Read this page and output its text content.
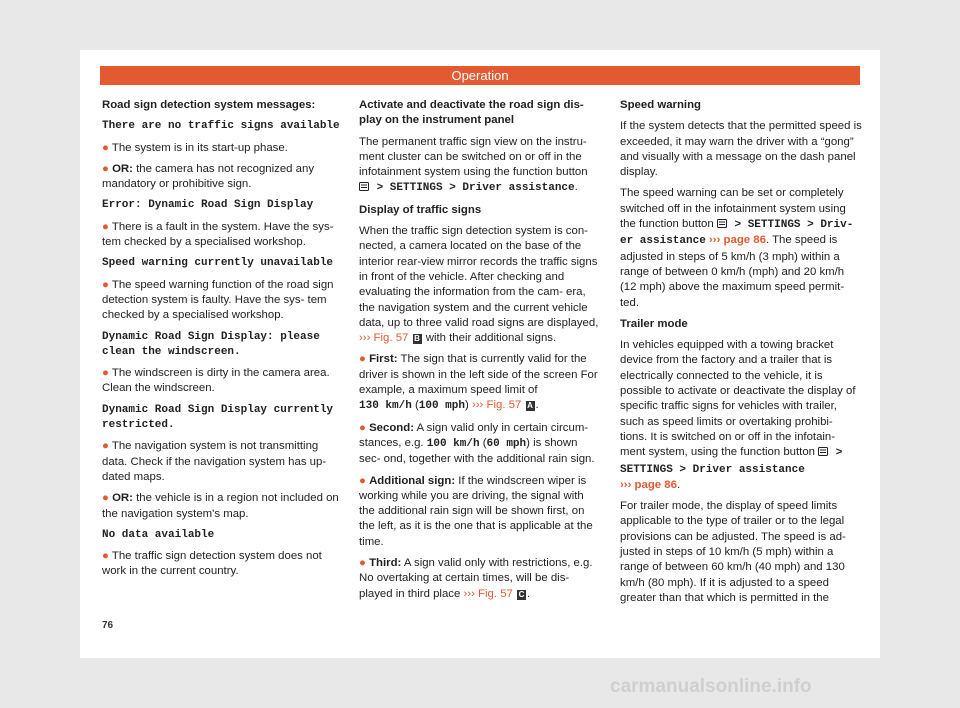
Operation

Road sign detection system messages:

There are no traffic signs available

● The system is in its start-up phase.

● OR: the camera has not recognized any mandatory or prohibitive sign.

Error: Dynamic Road Sign Display

● There is a fault in the system. Have the sys- tem checked by a specialised workshop.

Speed warning currently unavailable

● The speed warning function of the road sign detection system is faulty. Have the sys- tem checked by a specialised workshop.

Dynamic Road Sign Display: please clean the windscreen.

● The windscreen is dirty in the camera area. Clean the windscreen.

Dynamic Road Sign Display currently restricted.

● The navigation system is not transmitting data. Check if the navigation system has up- dated maps.

● OR: the vehicle is in a region not included on the navigation system's map.

No data available

● The traffic sign detection system does not work in the current country.

Activate and deactivate the road sign dis- play on the instrument panel

The permanent traffic sign view on the instru- ment cluster can be switched on or off in the infotainment system using the function button  > SETTINGS > Driver assistance.

Display of traffic signs

When the traffic sign detection system is con- nected, a camera located on the base of the interior rear-view mirror records the traffic signs in front of the vehicle. After checking and evaluating the information from the cam- era, the navigation system and the current vehicle data, up to three valid road signs are displayed, ››› Fig. 57 B with their additional signs.

● First: The sign that is currently valid for the driver is shown in the left side of the screen For example, a maximum speed limit of
130 km/h (100 mph) ››› Fig. 57 A .

● Second: A sign valid only in certain circum- stances, e.g. 100 km/h (60 mph) is shown sec- ond, together with the additional rain sign.

● Additional sign: If the windscreen wiper is working while you are driving, the signal with the additional rain sign will be shown first, on the left, as it is the one that is applicable at the time.

● Third: A sign valid only with restrictions, e.g. No overtaking at certain times, will be dis- played in third place ››› Fig. 57 C .

Speed warning

If the system detects that the permitted speed is exceeded, it may warn the driver with a “gong” and visually with a message on the dash panel display.

The speed warning can be set or completely switched off in the infotainment system using the function button  > SETTINGS > Driv- er assistance ››› page 86. The speed is adjusted in steps of 5 km/h (3 mph) within a range of between 0 km/h (mph) and 20 km/h (12 mph) above the maximum speed permit- ted.

Trailer mode

In vehicles equipped with a towing bracket device from the factory and a trailer that is electrically connected to the vehicle, it is possible to activate or deactivate the display of specific traffic signs for vehicles with trailer, such as speed limits or overtaking prohibi- tions. It is switched on or off in the infotain- ment system, using the function button  > SETTINGS > Driver assistance
››› page 86.

For trailer mode, the display of speed limits applicable to the type of trailer or to the legal provisions can be adjusted. The speed is ad- justed in steps of 10 km/h (5 mph) within a range of between 60 km/h (40 mph) and 130 km/h (80 mph). If it is adjusted to a speed greater than that which is permitted in the

76
carmanualsonline.info
